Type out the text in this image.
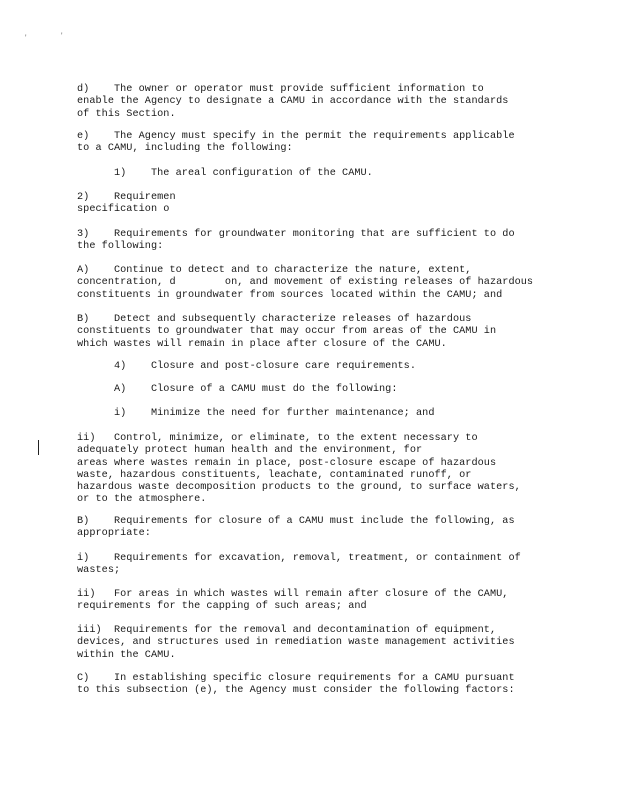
'	'
d)    The owner or operator must provide sufficient information to
enable the Agency to designate a CAMU in accordance with the standards
of this Section.
e)    The Agency must specify in the permit the requirements applicable
to a CAMU, including the following:
1)    The areal configuration of the CAMU.
2)    Requiremen
specification o
3)    Requirements for groundwater monitoring that are sufficient to do
the following:
A)    Continue to detect and to characterize the nature, extent,
concentration, d        on, and movement of existing releases of hazardous
constituents in groundwater from sources located within the CAMU; and
B)    Detect and subsequently characterize releases of hazardous
constituents to groundwater that may occur from areas of the CAMU in
which wastes will remain in place after closure of the CAMU.
4)    Closure and post-closure care requirements.
A)    Closure of a CAMU must do the following:
i)    Minimize the need for further maintenance; and
ii)   Control, minimize, or eliminate, to the extent necessary to
adequately protect human health and the environment, for
areas where wastes remain in place, post-closure escape of hazardous
waste, hazardous constituents, leachate, contaminated runoff, or
hazardous waste decomposition products to the ground, to surface waters,
or to the atmosphere.
B)    Requirements for closure of a CAMU must include the following, as
appropriate:
i)    Requirements for excavation, removal, treatment, or containment of
wastes;
ii)   For areas in which wastes will remain after closure of the CAMU,
requirements for the capping of such areas; and
iii)  Requirements for the removal and decontamination of equipment,
devices, and structures used in remediation waste management activities
within the CAMU.
C)    In establishing specific closure requirements for a CAMU pursuant
to this subsection (e), the Agency must consider the following factors:
